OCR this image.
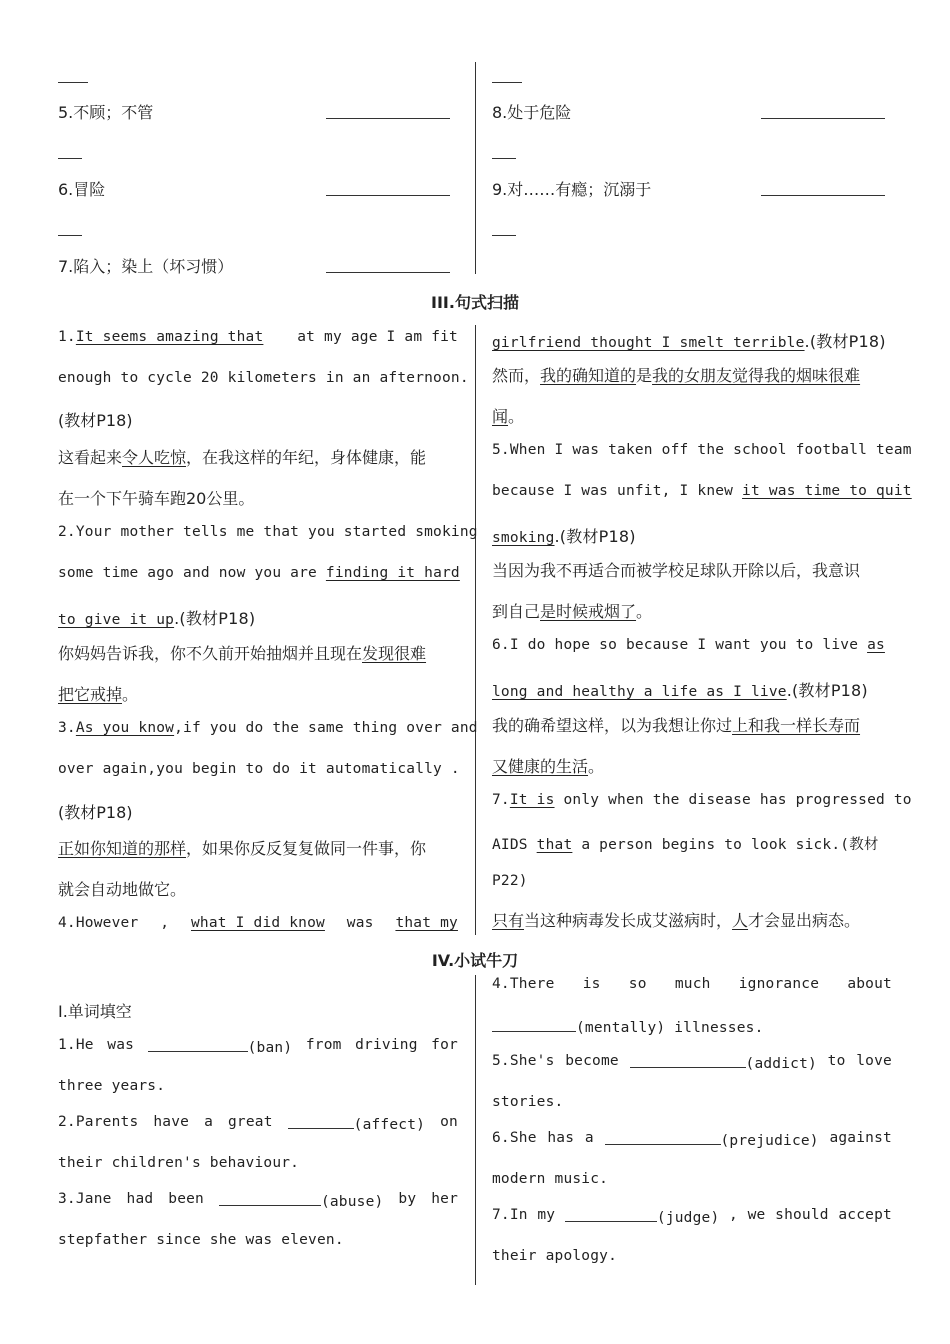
5.不顾；不管	8.处于危险
6.冒险	9.对……有瘾；沉溺于
7.陷入；染上（坏习惯）
III.句式扫描
1.It seems amazing that at my age I am fit
enough to cycle 20 kilometers in an afternoon.
(教材P18)
这看起来令人吃惊，在我这样的年纪，身体健康，能
在一个下午骑车跑20公里。
2.Your mother tells me that you started smoking
some time ago and now you are finding it hard
to give it up.(教材P18)
你妈妈告诉我，你不久前开始抽烟并且现在发现很难
把它戒掉。
3.As you know,if you do the same thing over and
over again,you begin to do it automatically .
(教材P18)
正如你知道的那样，如果你反反复复做同一件事，你
就会自动地做它。
4.However , what I did know was that my
girlfriend thought I smelt terrible.(教材P18)
然而，我的确知道的是我的女朋友觉得我的烟味很难
闻。
5.When I was taken off the school football team
because I was unfit, I knew it was time to quit
smoking.(教材P18)
当因为我不再适合而被学校足球队开除以后，我意识
到自己是时候戒烟了。
6.I do hope so because I want you to live as
long and healthy a life as I live.(教材P18)
我的确希望这样，以为我想让你过上和我一样长寿而
又健康的生活。
7.It is only when the disease has progressed to
AIDS that a person begins to look sick.(教材
P22)
只有当这种病毒发长成艾滋病时，人才会显出病态。
IV.小试牛刀
Ⅰ.单词填空
1.He was	(ban) from driving for
three years.
2.Parents have a great	(affect) on
their children's behaviour.
3.Jane had been	(abuse) by her
stepfather since she was eleven.
4.There is so much ignorance about
(mentally) illnesses.
5.She's become	(addict) to love
stories.
6.She has a	(prejudice) against
modern music.
7.In my	(judge) , we should accept
their apology.
